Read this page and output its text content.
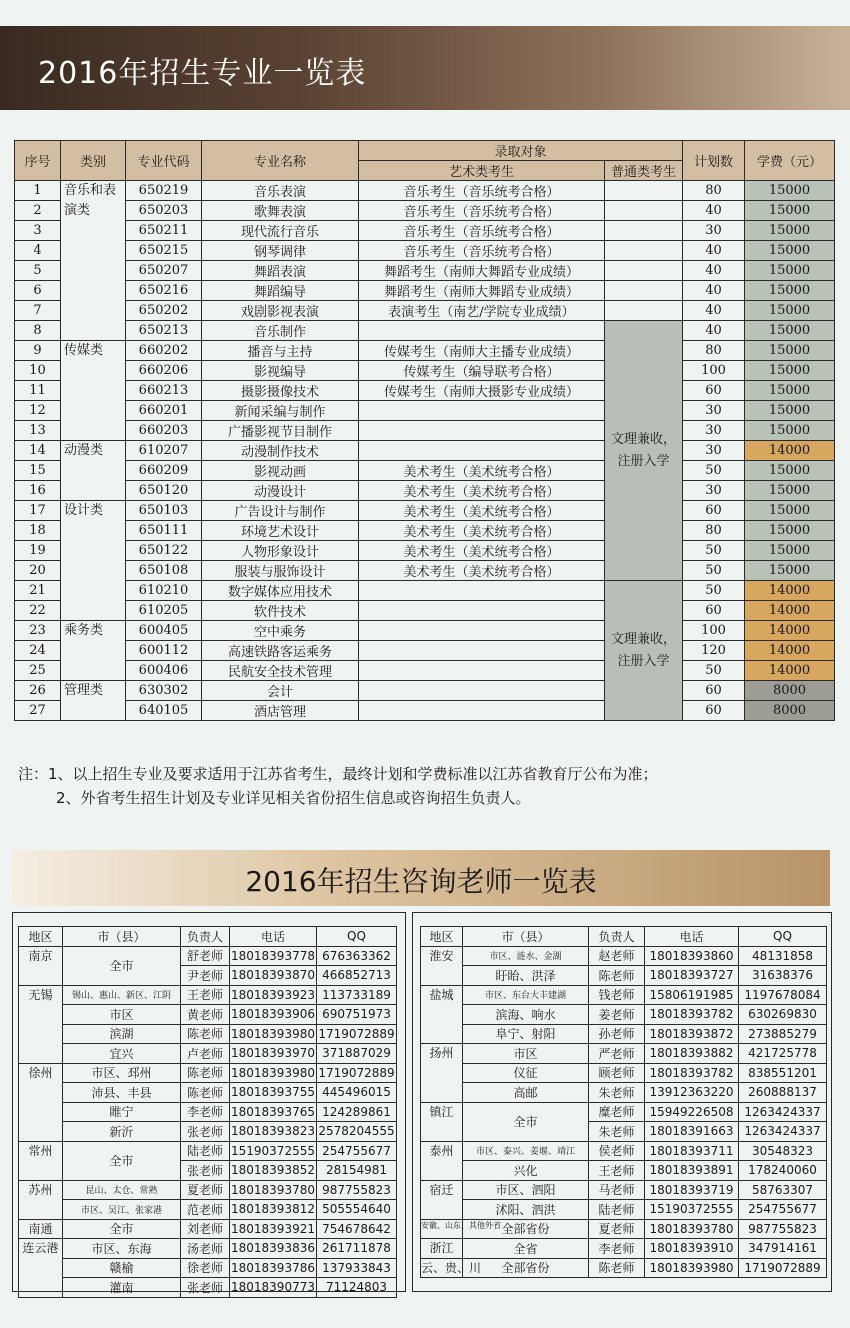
2016年招生专业一览表
序号	类别	专业代码	专业名称	录取对象		计划数	学费（元）
				艺术类考生	普通类考生		
1	音乐和表演类	650219	音乐表演	音乐考生（音乐统考合格）		80	15000
2		650203	歌舞表演	音乐考生（音乐统考合格）		40	15000
3		650211	现代流行音乐	音乐考生（音乐统考合格）		30	15000
4		650215	钢琴调律	音乐考生（音乐统考合格）		40	15000
5		650207	舞蹈表演	舞蹈考生（南师大舞蹈专业成绩）		40	15000
6		650216	舞蹈编导	舞蹈考生（南师大舞蹈专业成绩）		40	15000
7		650202	戏剧影视表演	表演考生（南艺/学院专业成绩）		40	15000
8		650213	音乐制作		文理兼收，注册入学	40	15000
9	传媒类	660202	播音与主持	传媒考生（南师大主播专业成绩）		80	15000
10		660206	影视编导	传媒考生（编导联考合格）		100	15000
11		660213	摄影摄像技术	传媒考生（南师大摄影专业成绩）		60	15000
12		660201	新闻采编与制作			30	15000
13		660203	广播影视节目制作			30	15000
14	动漫类	610207	动漫制作技术			30	14000
15		660209	影视动画	美术考生（美术统考合格）		50	15000
16		650120	动漫设计	美术考生（美术统考合格）		30	15000
17	设计类	650103	广告设计与制作	美术考生（美术统考合格）		60	15000
18		650111	环境艺术设计	美术考生（美术统考合格）		80	15000
19		650122	人物形象设计	美术考生（美术统考合格）		50	15000
20		650108	服装与服饰设计	美术考生（美术统考合格）		50	15000
21		610210	数字媒体应用技术		文理兼收，注册入学	50	14000
22		610205	软件技术			60	14000
23	乘务类	600405	空中乘务			100	14000
24		600112	高速铁路客运乘务			120	14000
25		600406	民航安全技术管理			50	14000
26	管理类	630302	会计			60	8000
27		640105	酒店管理			60	8000
注：1、以上招生专业及要求适用于江苏省考生，最终计划和学费标准以江苏省教育厅公布为准；
2、外省考生招生计划及专业详见相关省份招生信息或咨询招生负责人。
2016年招生咨询老师一览表
地区	市（县）	负责人	电话	QQ
南京	全市	舒老师	18018393778	676363362
		尹老师	18018393870	466852713
无锡	锡山、惠山、新区、江阴	王老师	18018393923	113733189
	市区	黄老师	18018393906	690751973
	滨湖	陈老师	18018393980	1719072889
	宜兴	卢老师	18018393970	371887029
徐州	市区、邳州	陈老师	18018393980	1719072889
	沛县、丰县	陈老师	18018393755	445496015
	睢宁	李老师	18018393765	124289861
	新沂	张老师	18018393823	2578204555
常州	全市	陆老师	15190372555	254755677
		张老师	18018393852	28154981
苏州	昆山、太仓、常熟	夏老师	18018393780	987755823
	市区、吴江、张家港	范老师	18018393812	505554640
南通	全市	刘老师	18018393921	754678642
连云港	市区、东海	汤老师	18018393836	261711878
	赣榆	徐老师	18018393786	137933843
	灌南	张老师	18018390773	71124803
地区	市（县）	负责人	电话	QQ
淮安	市区、涟水、金湖	赵老师	18018393860	48131858
	盱眙、洪泽	陈老师	18018393727	31638376
盐城	市区、东台大丰建湖	钱老师	15806191985	1197678084
	滨海、响水	姜老师	18018393782	630269830
	阜宁、射阳	孙老师	18018393872	273885279
扬州	市区	严老师	18018393882	421725778
	仪征	顾老师	18018393782	838551201
	高邮	朱老师	13912363220	260888137
镇江	全市	糜老师	15949226508	1263424337
		朱老师	18018391663	1263424337
泰州	市区、泰兴、姜堰、靖江	侯老师	18018393711	30548323
	兴化	王老师	18018393891	178240060
宿迁	市区、泗阳	马老师	18018393719	58763307
	沭阳、泗洪	陆老师	15190372555	254755677
安徽、山东、其他外省	全部省份	夏老师	18018393780	987755823
浙江	全省	李老师	18018393910	347914161
云、贵、川	全部省份	陈老师	18018393980	1719072889
